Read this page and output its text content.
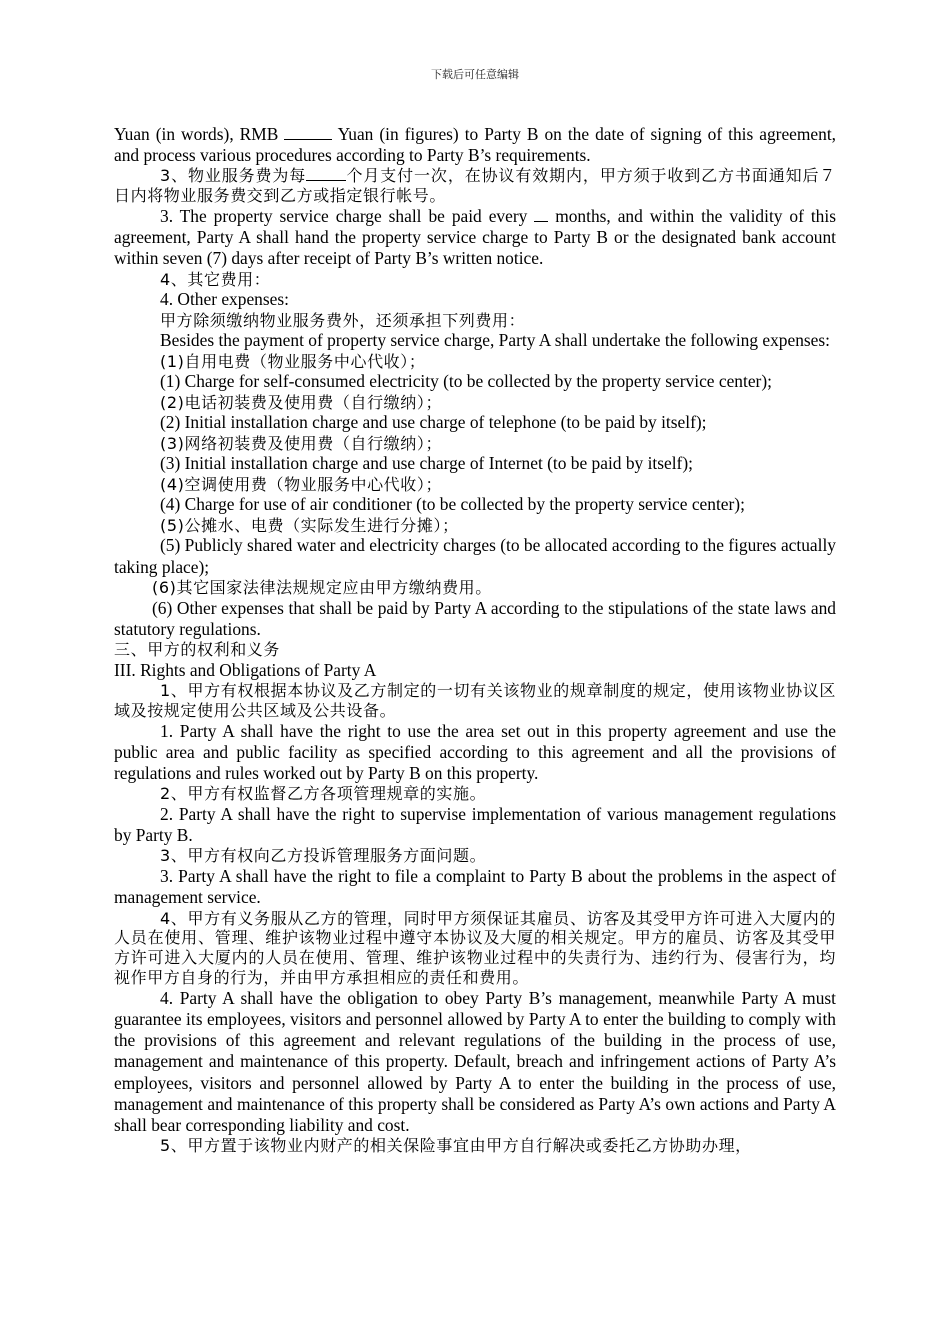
下载后可任意编辑

Yuan (in words), RMB	Yuan (in figures) to Party B on the date of signing of this agreement, and process various procedures according to Party B’s requirements.

3、物业服务费为每	个月支付一次，在协议有效期内，甲方须于收到乙方书面通知后７日内将物业服务费交到乙方或指定银行帐号。

3. The property service charge shall be paid every  months, and within the validity of this agreement, Party A shall hand the property service charge to Party B or the designated bank account within seven (7) days after receipt of Party B’s written notice.

4、其它费用：

4. Other expenses:

甲方除须缴纳物业服务费外，还须承担下列费用：

Besides the payment of property service charge, Party A shall undertake the following expenses:

(1)自用电费（物业服务中心代收）；

(1) Charge for self-consumed electricity (to be collected by the property service center);

(2)电话初装费及使用费（自行缴纳）；

(2) Initial installation charge and use charge of telephone (to be paid by itself);

(3)网络初装费及使用费（自行缴纳）；

(3) Initial installation charge and use charge of Internet (to be paid by itself);

(4)空调使用费（物业服务中心代收）；

(4) Charge for use of air conditioner (to be collected by the property service center);

(5)公摊水、电费（实际发生进行分摊）；

(5) Publicly shared water and electricity charges (to be allocated according to the figures actually taking place);

(6)其它国家法律法规规定应由甲方缴纳费用。

(6) Other expenses that shall be paid by Party A according to the stipulations of the state laws and statutory regulations.

三、甲方的权利和义务

III. Rights and Obligations of Party A

1、甲方有权根据本协议及乙方制定的一切有关该物业的规章制度的规定，使用该物业协议区域及按规定使用公共区域及公共设备。

1. Party A shall have the right to use the area set out in this property agreement and use the public area and public facility as specified according to this agreement and all the provisions of regulations and rules worked out by Party B on this property.

2、甲方有权监督乙方各项管理规章的实施。

2. Party A shall have the right to supervise implementation of various management regulations by Party B.

3、甲方有权向乙方投诉管理服务方面问题。

3. Party A shall have the right to file a complaint to Party B about the problems in the aspect of management service.

4、甲方有义务服从乙方的管理，同时甲方须保证其雇员、访客及其受甲方许可进入大厦内的人员在使用、管理、维护该物业过程中遵守本协议及大厦的相关规定。甲方的雇员、访客及其受甲方许可进入大厦内的人员在使用、管理、维护该物业过程中的失责行为、违约行为、侵害行为，均视作甲方自身的行为，并由甲方承担相应的责任和费用。

4. Party A shall have the obligation to obey Party B’s management, meanwhile Party A must guarantee its employees, visitors and personnel allowed by Party A to enter the building to comply with the provisions of this agreement and relevant regulations of the building in the process of use, management and maintenance of this property. Default, breach and infringement actions of Party A’s employees, visitors and personnel allowed by Party A to enter the building in the process of use, management and maintenance of this property shall be considered as Party A’s own actions and Party A shall bear corresponding liability and cost.

5、甲方置于该物业内财产的相关保险事宜由甲方自行解决或委托乙方协助办理，
